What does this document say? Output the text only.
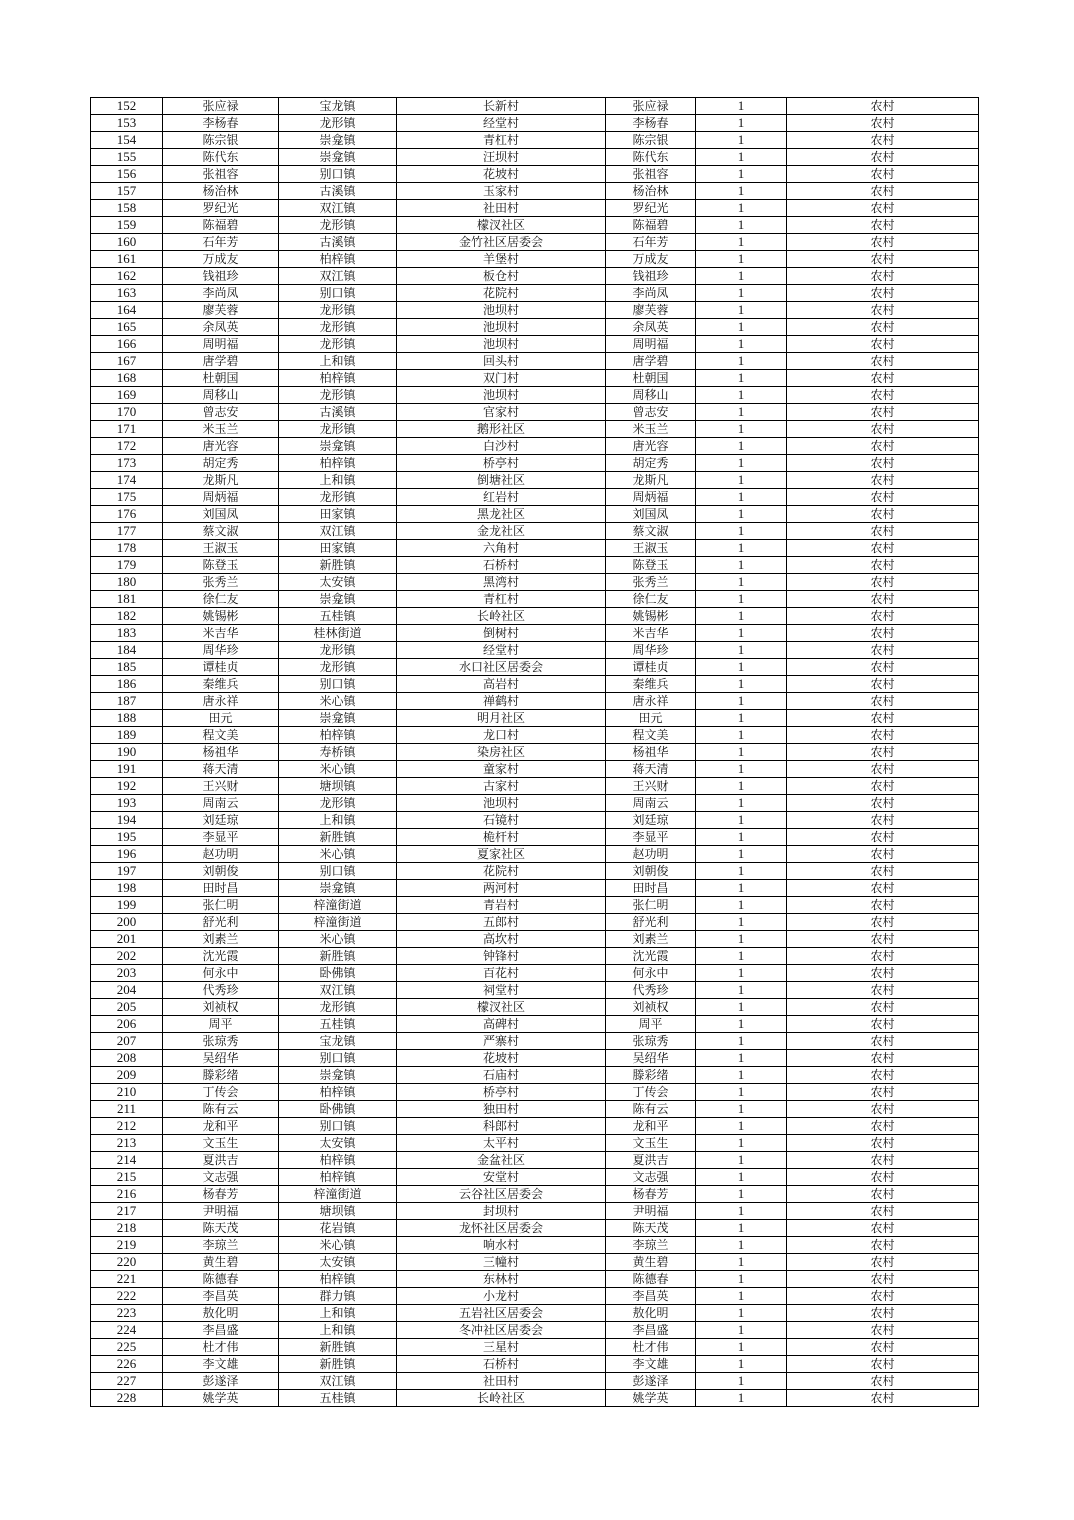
152	张应禄	宝龙镇	长新村	张应禄	1	农村
153	李杨春	龙形镇	经堂村	李杨春	1	农村
154	陈宗银	崇龛镇	青杠村	陈宗银	1	农村
155	陈代东	崇龛镇	汪坝村	陈代东	1	农村
156	张祖容	别口镇	花坡村	张祖容	1	农村
157	杨治林	古溪镇	玉家村	杨治林	1	农村
158	罗纪光	双江镇	社田村	罗纪光	1	农村
159	陈福碧	龙形镇	檬汊社区	陈福碧	1	农村
160	石年芳	古溪镇	金竹社区居委会	石年芳	1	农村
161	万成友	柏梓镇	羊堡村	万成友	1	农村
162	钱祖珍	双江镇	板仓村	钱祖珍	1	农村
163	李尚凤	别口镇	花院村	李尚凤	1	农村
164	廖芙蓉	龙形镇	池坝村	廖芙蓉	1	农村
165	余凤英	龙形镇	池坝村	余凤英	1	农村
166	周明福	龙形镇	池坝村	周明福	1	农村
167	唐学碧	上和镇	回头村	唐学碧	1	农村
168	杜朝国	柏梓镇	双门村	杜朝国	1	农村
169	周移山	龙形镇	池坝村	周移山	1	农村
170	曾志安	古溪镇	官家村	曾志安	1	农村
171	米玉兰	龙形镇	鹅形社区	米玉兰	1	农村
172	唐光容	崇龛镇	白沙村	唐光容	1	农村
173	胡定秀	柏梓镇	桥亭村	胡定秀	1	农村
174	龙斯凡	上和镇	倒塘社区	龙斯凡	1	农村
175	周炳福	龙形镇	红岩村	周炳福	1	农村
176	刘国凤	田家镇	黑龙社区	刘国凤	1	农村
177	蔡文淑	双江镇	金龙社区	蔡文淑	1	农村
178	王淑玉	田家镇	六角村	王淑玉	1	农村
179	陈登玉	新胜镇	石桥村	陈登玉	1	农村
180	张秀兰	太安镇	黑湾村	张秀兰	1	农村
181	徐仁友	崇龛镇	青杠村	徐仁友	1	农村
182	姚锡彬	五桂镇	长岭社区	姚锡彬	1	农村
183	米吉华	桂林街道	倒树村	米吉华	1	农村
184	周华珍	龙形镇	经堂村	周华珍	1	农村
185	谭桂贞	龙形镇	水口社区居委会	谭桂贞	1	农村
186	秦维兵	别口镇	高岩村	秦维兵	1	农村
187	唐永祥	米心镇	禅鹤村	唐永祥	1	农村
188	田元	崇龛镇	明月社区	田元	1	农村
189	程文美	柏梓镇	龙口村	程文美	1	农村
190	杨祖华	寿桥镇	染房社区	杨祖华	1	农村
191	蒋天清	米心镇	童家村	蒋天清	1	农村
192	王兴财	塘坝镇	古家村	王兴财	1	农村
193	周南云	龙形镇	池坝村	周南云	1	农村
194	刘廷琼	上和镇	石镜村	刘廷琼	1	农村
195	李显平	新胜镇	桅杆村	李显平	1	农村
196	赵功明	米心镇	夏家社区	赵功明	1	农村
197	刘朝俊	别口镇	花院村	刘朝俊	1	农村
198	田时昌	崇龛镇	两河村	田时昌	1	农村
199	张仁明	梓潼街道	青岩村	张仁明	1	农村
200	舒光利	梓潼街道	五郎村	舒光利	1	农村
201	刘素兰	米心镇	高坎村	刘素兰	1	农村
202	沈光霞	新胜镇	钟锋村	沈光霞	1	农村
203	何永中	卧佛镇	百花村	何永中	1	农村
204	代秀珍	双江镇	祠堂村	代秀珍	1	农村
205	刘祯权	龙形镇	檬汊社区	刘祯权	1	农村
206	周平	五桂镇	高碑村	周平	1	农村
207	张琼秀	宝龙镇	严寨村	张琼秀	1	农村
208	吴绍华	别口镇	花坡村	吴绍华	1	农村
209	滕彩绪	崇龛镇	石庙村	滕彩绪	1	农村
210	丁传会	柏梓镇	桥亭村	丁传会	1	农村
211	陈有云	卧佛镇	独田村	陈有云	1	农村
212	龙和平	别口镇	科郎村	龙和平	1	农村
213	文玉生	太安镇	太平村	文玉生	1	农村
214	夏洪吉	柏梓镇	金盆社区	夏洪吉	1	农村
215	文志强	柏梓镇	安堂村	文志强	1	农村
216	杨春芳	梓潼街道	云谷社区居委会	杨春芳	1	农村
217	尹明福	塘坝镇	封坝村	尹明福	1	农村
218	陈天茂	花岩镇	龙怀社区居委会	陈天茂	1	农村
219	李琼兰	米心镇	响水村	李琼兰	1	农村
220	黄生碧	太安镇	三幢村	黄生碧	1	农村
221	陈德春	柏梓镇	东林村	陈德春	1	农村
222	李昌英	群力镇	小龙村	李昌英	1	农村
223	敖化明	上和镇	五岩社区居委会	敖化明	1	农村
224	李昌盛	上和镇	冬冲社区居委会	李昌盛	1	农村
225	杜才伟	新胜镇	三星村	杜才伟	1	农村
226	李文雄	新胜镇	石桥村	李文雄	1	农村
227	彭遂泽	双江镇	社田村	彭遂泽	1	农村
228	姚学英	五桂镇	长岭社区	姚学英	1	农村
